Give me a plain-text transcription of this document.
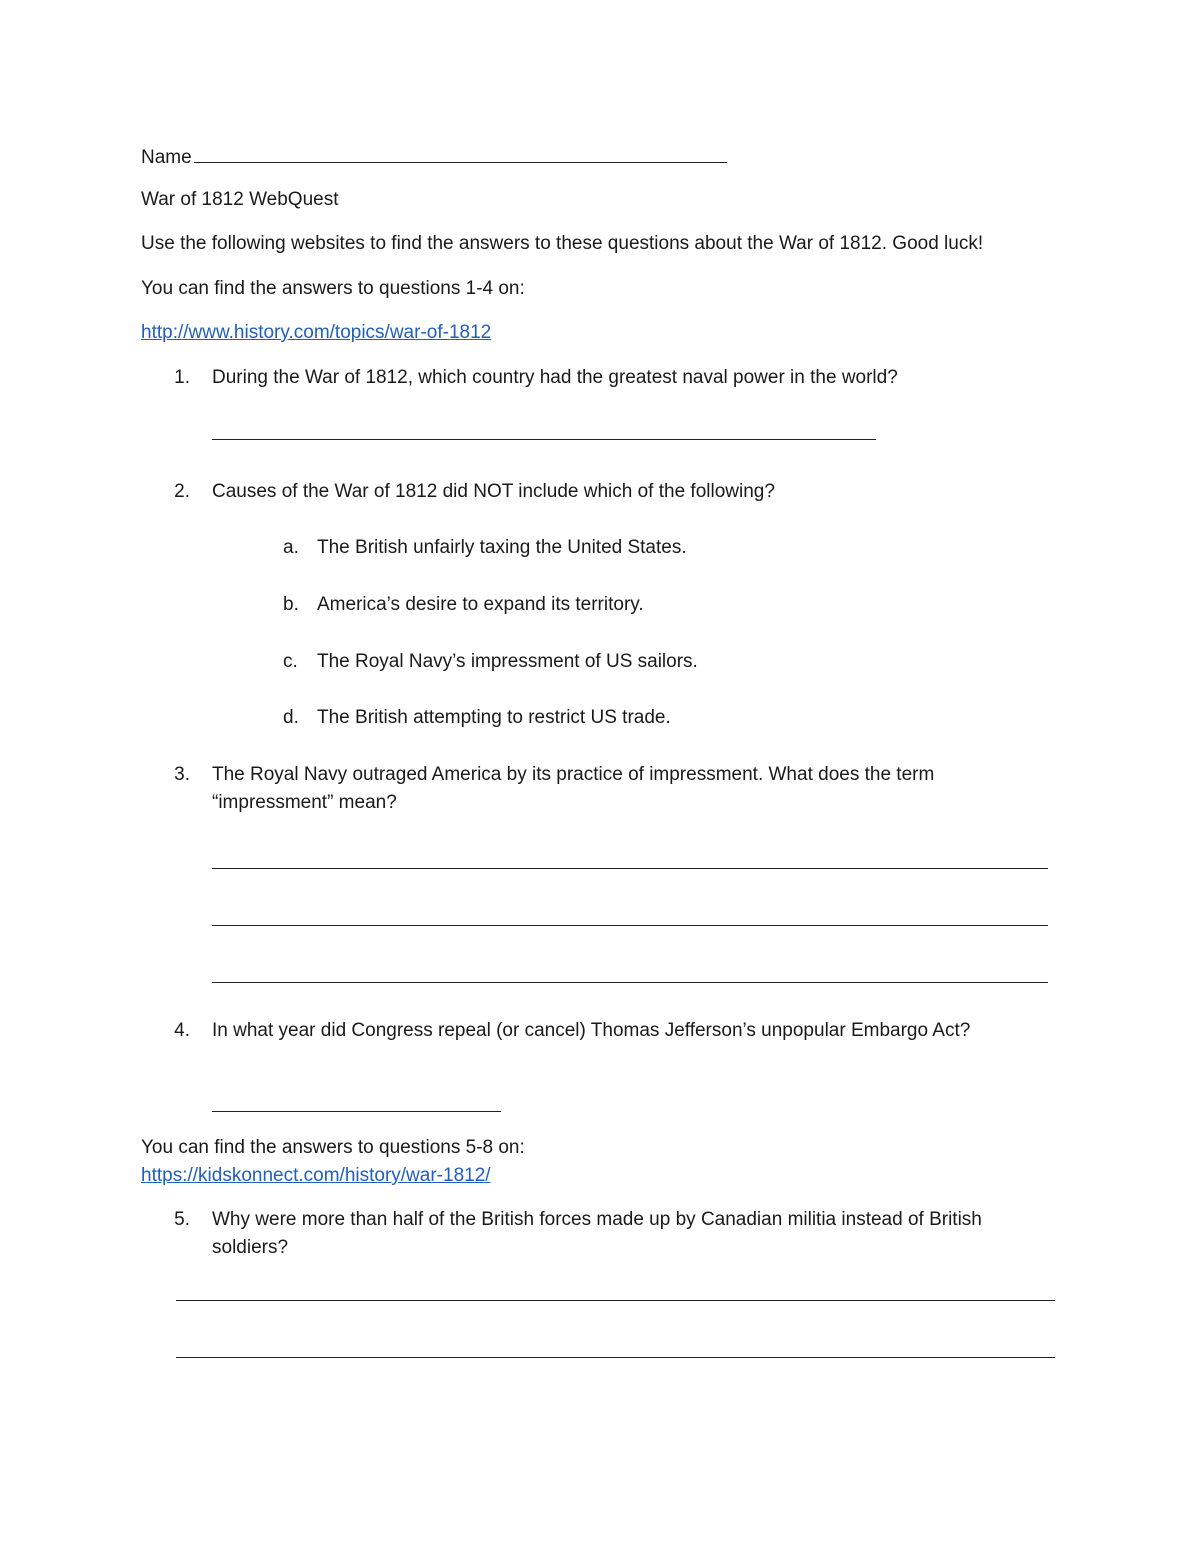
Name
War of 1812 WebQuest
Use the following websites to find the answers to these questions about the War of 1812. Good luck!
You can find the answers to questions 1-4 on:
http://www.history.com/topics/war-of-1812
1. During the War of 1812, which country had the greatest naval power in the world?
2. Causes of the War of 1812 did NOT include which of the following?
a. The British unfairly taxing the United States.
b. America’s desire to expand its territory.
c. The Royal Navy’s impressment of US sailors.
d. The British attempting to restrict US trade.
3. The Royal Navy outraged America by its practice of impressment. What does the term
“impressment” mean?
4. In what year did Congress repeal (or cancel) Thomas Jefferson’s unpopular Embargo Act?
You can find the answers to questions 5-8 on:
https://kidskonnect.com/history/war-1812/
5. Why were more than half of the British forces made up by Canadian militia instead of British
soldiers?
